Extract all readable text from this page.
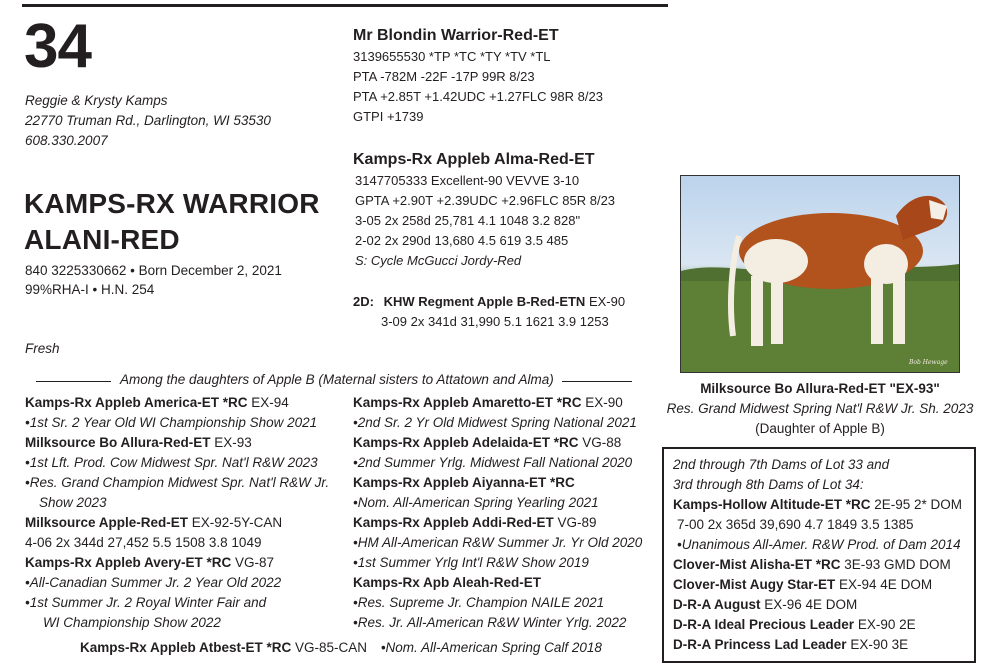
34
Reggie & Krysty Kamps
22770 Truman Rd., Darlington, WI 53530
608.330.2007
KAMPS-RX WARRIOR
ALANI-RED
840 3225330662 • Born December 2, 2021
99%RHA-I • H.N. 254
Fresh
Mr Blondin Warrior-Red-ET
3139655530 *TP *TC *TY *TV *TL
PTA -782M -22F -17P 99R 8/23
PTA +2.85T +1.42UDC +1.27FLC 98R 8/23
GTPI +1739
Kamps-Rx Appleb Alma-Red-ET
3147705333 Excellent-90 VEVVE 3-10
GPTA +2.90T +2.39UDC +2.96FLC 85R 8/23
3-05 2x 258d 25,781 4.1 1048 3.2 828"
2-02 2x 290d 13,680 4.5 619 3.5 485
S: Cycle McGucci Jordy-Red
2D: KHW Regment Apple B-Red-ETN EX-90
3-09 2x 341d 31,990 5.1 1621 3.9 1253
Bob Hewage
Milksource Bo Allura-Red-ET "EX-93"
Res. Grand Midwest Spring Nat'l R&W Jr. Sh. 2023
(Daughter of Apple B)
Among the daughters of Apple B (Maternal sisters to Attatown and Alma)
Kamps-Rx Appleb America-ET *RC EX-94
•1st Sr. 2 Year Old WI Championship Show 2021
Milksource Bo Allura-Red-ET EX-93
•1st Lft. Prod. Cow Midwest Spr. Nat'l R&W 2023
•Res. Grand Champion Midwest Spr. Nat'l R&W Jr.
Show 2023
Milksource Apple-Red-ET EX-92-5Y-CAN
4-06 2x 344d 27,452 5.5 1508 3.8 1049
Kamps-Rx Appleb Avery-ET *RC VG-87
•All-Canadian Summer Jr. 2 Year Old 2022
•1st Summer Jr. 2 Royal Winter Fair and
WI Championship Show 2022
Kamps-Rx Appleb Amaretto-ET *RC EX-90
•2nd Sr. 2 Yr Old Midwest Spring National 2021
Kamps-Rx Appleb Adelaida-ET *RC VG-88
•2nd Summer Yrlg. Midwest Fall National 2020
Kamps-Rx Appleb Aiyanna-ET *RC
•Nom. All-American Spring Yearling 2021
Kamps-Rx Appleb Addi-Red-ET VG-89
•HM All-American R&W Summer Jr. Yr Old 2020
•1st Summer Yrlg Int'l R&W Show 2019
Kamps-Rx Apb Aleah-Red-ET
•Res. Supreme Jr. Champion NAILE 2021
•Res. Jr. All-American R&W Winter Yrlg. 2022
Kamps-Rx Appleb Atbest-ET *RC VG-85-CAN •Nom. All-American Spring Calf 2018
2nd through 7th Dams of Lot 33 and
3rd through 8th Dams of Lot 34:
Kamps-Hollow Altitude-ET *RC 2E-95 2* DOM
7-00 2x 365d 39,690 4.7 1849 3.5 1385
•Unanimous All-Amer. R&W Prod. of Dam 2014
Clover-Mist Alisha-ET *RC 3E-93 GMD DOM
Clover-Mist Augy Star-ET EX-94 4E DOM
D-R-A August EX-96 4E DOM
D-R-A Ideal Precious Leader EX-90 2E
D-R-A Princess Lad Leader EX-90 3E
